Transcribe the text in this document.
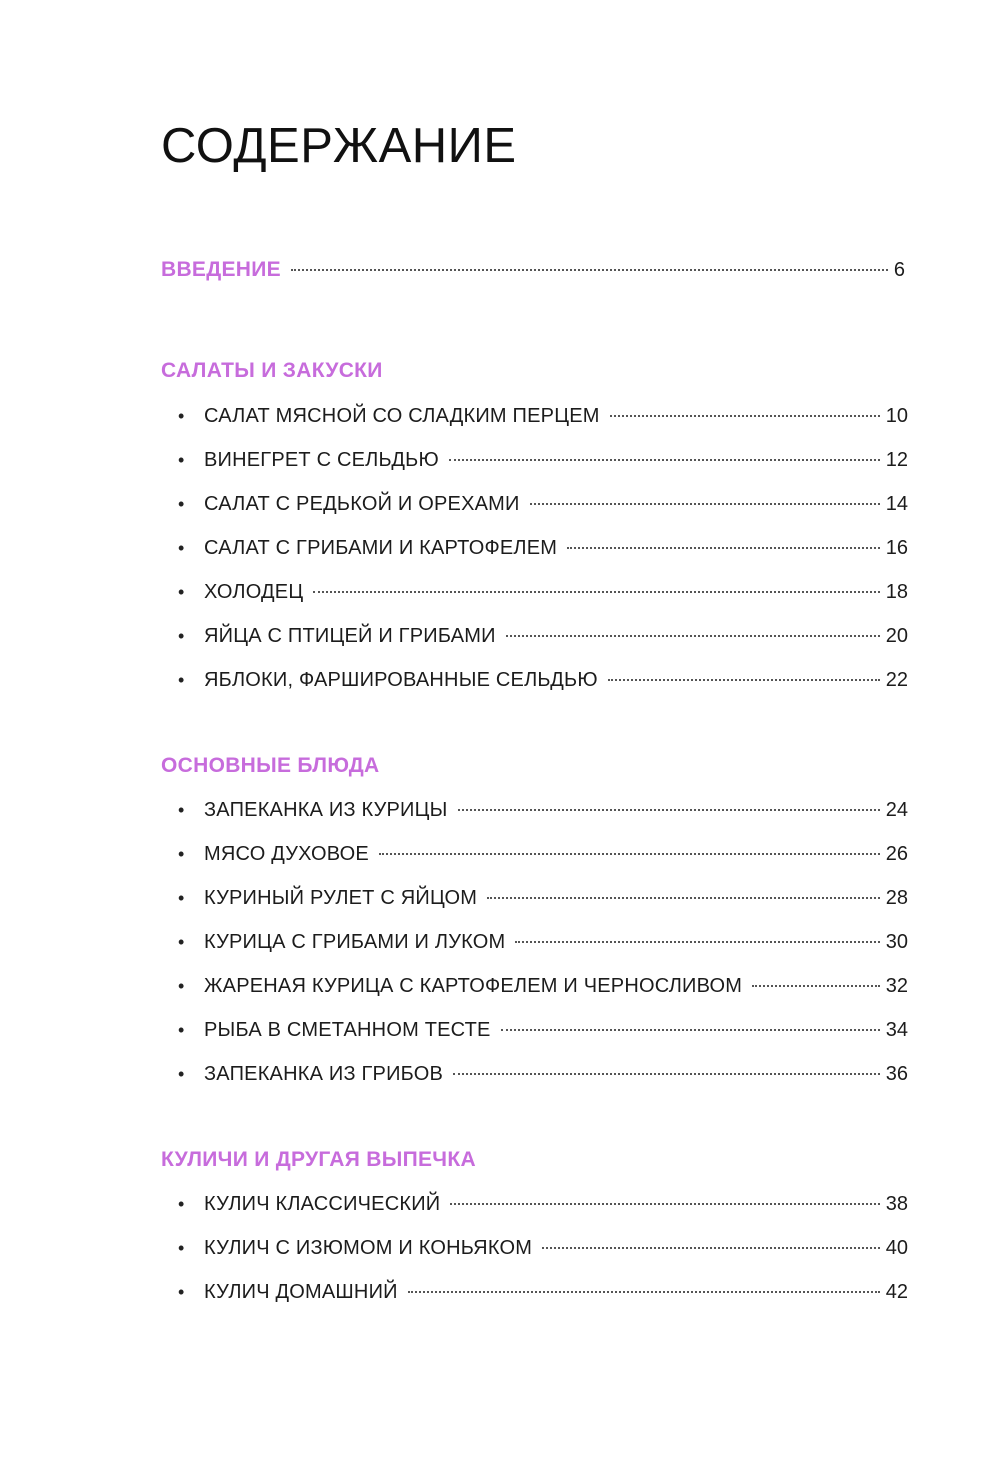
СОДЕРЖАНИЕ
ВВЕДЕНИЕ	6
САЛАТЫ И ЗАКУСКИ
• САЛАТ МЯСНОЙ СО СЛАДКИМ ПЕРЦЕМ	10
• ВИНЕГРЕТ С СЕЛЬДЬЮ	12
• САЛАТ С РЕДЬКОЙ И ОРЕХАМИ	14
• САЛАТ С ГРИБАМИ И КАРТОФЕЛЕМ	16
• ХОЛОДЕЦ	18
• ЯЙЦА С ПТИЦЕЙ И ГРИБАМИ	20
• ЯБЛОКИ, ФАРШИРОВАННЫЕ СЕЛЬДЬЮ	22
ОСНОВНЫЕ БЛЮДА
• ЗАПЕКАНКА ИЗ КУРИЦЫ	24
• МЯСО ДУХОВОЕ	26
• КУРИНЫЙ РУЛЕТ С ЯЙЦОМ	28
• КУРИЦА С ГРИБАМИ И ЛУКОМ	30
• ЖАРЕНАЯ КУРИЦА С КАРТОФЕЛЕМ И ЧЕРНОСЛИВОМ	32
• РЫБА В СМЕТАННОМ ТЕСТЕ	34
• ЗАПЕКАНКА ИЗ ГРИБОВ	36
КУЛИЧИ И ДРУГАЯ ВЫПЕЧКА
• КУЛИЧ КЛАССИЧЕСКИЙ	38
• КУЛИЧ С ИЗЮМОМ И КОНЬЯКОМ	40
• КУЛИЧ ДОМАШНИЙ	42
